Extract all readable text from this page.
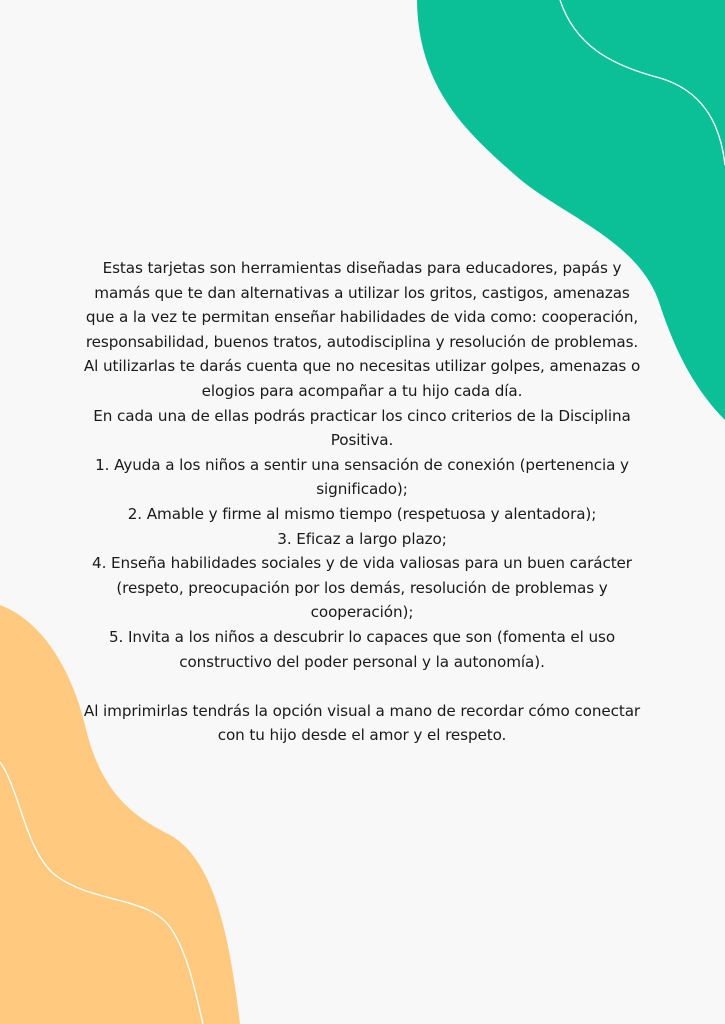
Estas tarjetas son herramientas diseñadas para educadores, papás y mamás que te dan alternativas a utilizar los gritos, castigos, amenazas que a la vez te permitan enseñar habilidades de vida como: cooperación, responsabilidad, buenos tratos, autodisciplina y resolución de problemas.

Al utilizarlas te darás cuenta que no necesitas utilizar golpes, amenazas o elogios para acompañar a tu hijo cada día.

En cada una de ellas podrás practicar los cinco criterios de la Disciplina Positiva.

1. Ayuda a los niños a sentir una sensación de conexión (pertenencia y significado);

2. Amable y firme al mismo tiempo (respetuosa y alentadora);

3. Eficaz a largo plazo;

4. Enseña habilidades sociales y de vida valiosas para un buen carácter (respeto, preocupación por los demás, resolución de problemas y cooperación);

5. Invita a los niños a descubrir lo capaces que son (fomenta el uso constructivo del poder personal y la autonomía).

Al imprimirlas tendrás la opción visual a mano de recordar cómo conectar con tu hijo desde el amor y el respeto.
